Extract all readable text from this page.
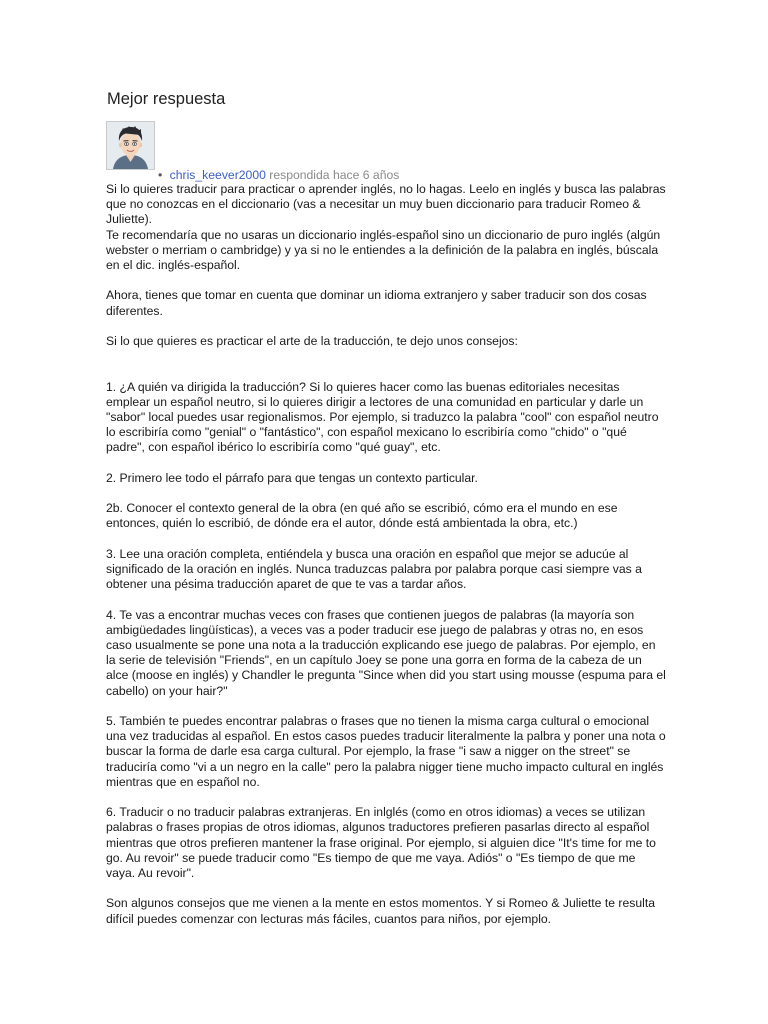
Mejor respuesta
• chris_keever2000 respondida hace 6 años

Si lo quieres traducir para practicar o aprender inglés, no lo hagas. Leelo en inglés y busca las palabras que no conozcas en el diccionario (vas a necesitar un muy buen diccionario para traducir Romeo & Juliette).

Te recomendaría que no usaras un diccionario inglés-español sino un diccionario de puro inglés (algún webster o merriam o cambridge) y ya si no le entiendes a la definición de la palabra en inglés, búscala en el dic. inglés-español.

Ahora, tienes que tomar en cuenta que dominar un idioma extranjero y saber traducir son dos cosas diferentes.

Si lo que quieres es practicar el arte de la traducción, te dejo unos consejos:

1. ¿A quién va dirigida la traducción? Si lo quieres hacer como las buenas editoriales necesitas emplear un español neutro, si lo quieres dirigir a lectores de una comunidad en particular y darle un "sabor" local puedes usar regionalismos. Por ejemplo, si traduzco la palabra "cool" con español neutro lo escribiría como "genial" o "fantástico", con español mexicano lo escribiría como "chido" o "qué padre", con español ibérico lo escribiría como "qué guay", etc.

2. Primero lee todo el párrafo para que tengas un contexto particular.

2b. Conocer el contexto general de la obra (en qué año se escribió, cómo era el mundo en ese entonces, quién lo escribió, de dónde era el autor, dónde está ambientada la obra, etc.)

3. Lee una oración completa, entiéndela y busca una oración en español que mejor se aducúe al significado de la oración en inglés. Nunca traduzcas palabra por palabra porque casi siempre vas a obtener una pésima traducción aparet de que te vas a tardar años.

4. Te vas a encontrar muchas veces con frases que contienen juegos de palabras (la mayoría son ambigüedades lingüísticas), a veces vas a poder traducir ese juego de palabras y otras no, en esos caso usualmente se pone una nota a la traducción explicando ese juego de palabras. Por ejemplo, en la serie de televisión "Friends", en un capítulo Joey se pone una gorra en forma de la cabeza de un alce (moose en inglés) y Chandler le pregunta "Since when did you start using mousse (espuma para el cabello) on your hair?"

5. También te puedes encontrar palabras o frases que no tienen la misma carga cultural o emocional una vez traducidas al español. En estos casos puedes traducir literalmente la palbra y poner una nota o buscar la forma de darle esa carga cultural. Por ejemplo, la frase "i saw a nigger on the street" se traduciría como "vi a un negro en la calle" pero la palabra nigger tiene mucho impacto cultural en inglés mientras que en español no.

6. Traducir o no traducir palabras extranjeras. En inlglés (como en otros idiomas) a veces se utilizan palabras o frases propias de otros idiomas, algunos traductores prefieren pasarlas directo al español mientras que otros prefieren mantener la frase original. Por ejemplo, si alguien dice "It's time for me to go. Au revoir" se puede traducir como "Es tiempo de que me vaya. Adiós" o "Es tiempo de que me vaya. Au revoir".

Son algunos consejos que me vienen a la mente en estos momentos. Y si Romeo & Juliette te resulta difícil puedes comenzar con lecturas más fáciles, cuantos para niños, por ejemplo.
